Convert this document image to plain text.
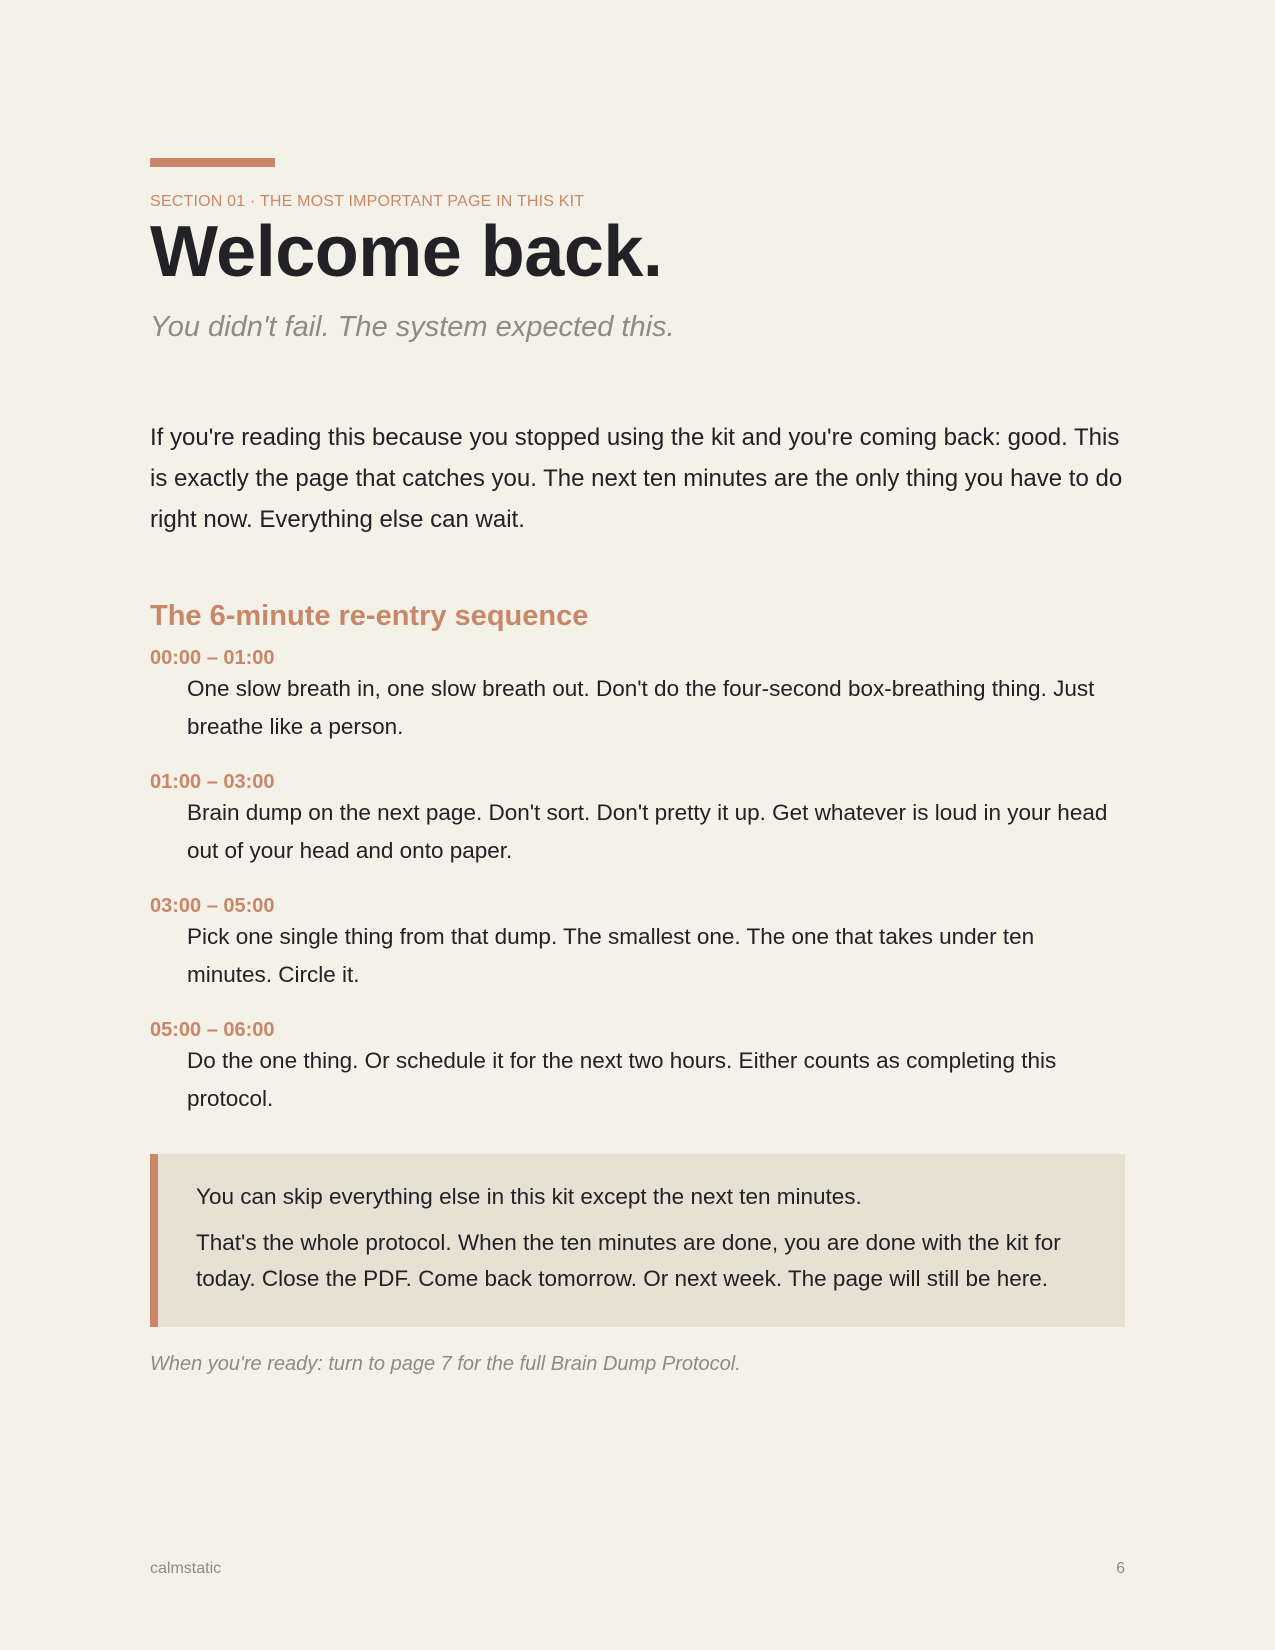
SECTION 01 · THE MOST IMPORTANT PAGE IN THIS KIT
Welcome back.
You didn't fail. The system expected this.

If you're reading this because you stopped using the kit and you're coming back: good. This is exactly the page that catches you. The next ten minutes are the only thing you have to do right now. Everything else can wait.

The 6-minute re-entry sequence
00:00 – 01:00
One slow breath in, one slow breath out. Don't do the four-second box-breathing thing. Just breathe like a person.
01:00 – 03:00
Brain dump on the next page. Don't sort. Don't pretty it up. Get whatever is loud in your head out of your head and onto paper.
03:00 – 05:00
Pick one single thing from that dump. The smallest one. The one that takes under ten minutes. Circle it.
05:00 – 06:00
Do the one thing. Or schedule it for the next two hours. Either counts as completing this protocol.

You can skip everything else in this kit except the next ten minutes.

That's the whole protocol. When the ten minutes are done, you are done with the kit for today. Close the PDF. Come back tomorrow. Or next week. The page will still be here.

When you're ready: turn to page 7 for the full Brain Dump Protocol.

calmstatic	6
